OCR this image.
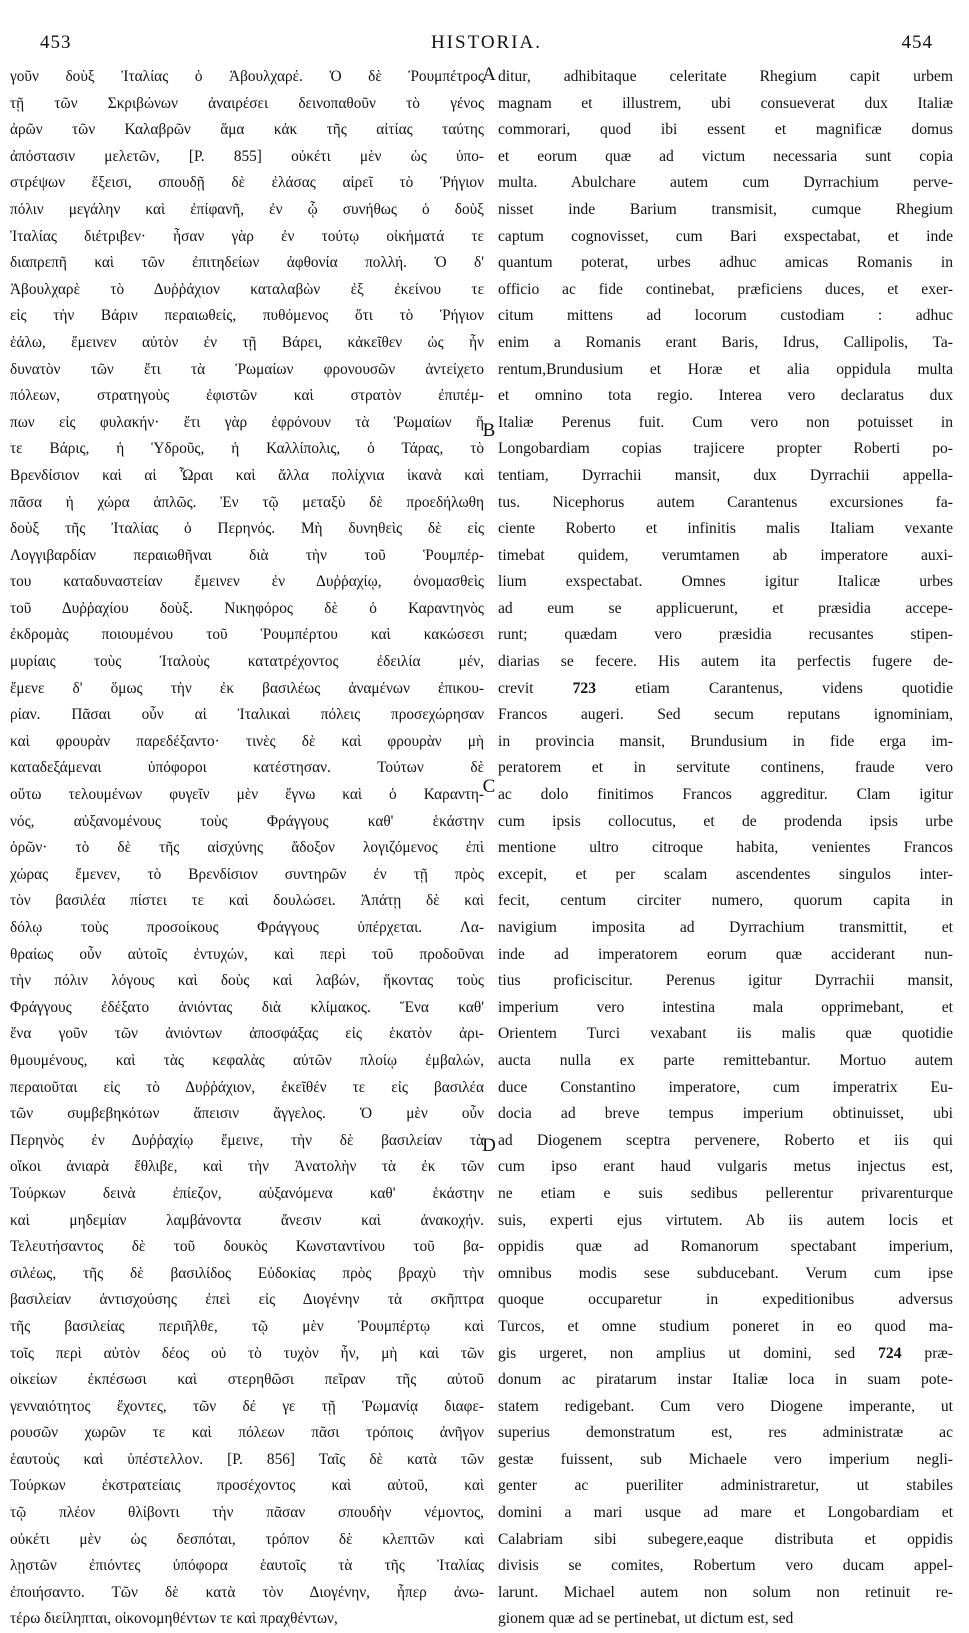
453	HISTORIA.	454
γοῦν δοὺξ Ἰταλίας ὁ Ἀβουλχαρέ. Ὁ δὲ Ῥουμπέτρος
τῇ τῶν Σκριβώνων ἀναιρέσει δεινοπαθοῦν τὸ γένος
ἀρῶν τῶν Καλαβρῶν ἅμα κἀκ τῆς αἰτίας ταύτης
ἀπόστασιν μελετῶν, [P. 855] οὐκέτι μὲν ὡς ὑπο-
στρέψων ἔξεισι, σπουδῇ δὲ ἐλάσας αἱρεῖ τὸ Ῥήγιον
πόλιν μεγάλην καὶ ἐπίφανῆ, ἐν ᾧ συνήθως ὁ δοὺξ
Ἰταλίας διέτριβεν· ἦσαν γὰρ ἐν τούτῳ οἰκήματά τε
διαπρεπῆ καὶ τῶν ἐπιτηδείων ἀφθονία πολλή. Ὁ δ'
Ἀβουλχαρὲ τὸ Δυῤῥάχιον καταλαβὼν ἐξ ἐκείνου τε
εἰς τὴν Βάριν περαιωθείς, πυθόμενος ὅτι τὸ Ῥήγιον
ἑάλω, ἔμεινεν αὐτὸν ἐν τῇ Βάρει, κἀκεῖθεν ὡς ἦν
δυνατὸν τῶν ἔτι τὰ Ῥωμαίων φρονουσῶν ἀντείχετο
πόλεων, στρατηγοὺς ἐφιστῶν καὶ στρατὸν ἐπιπέμ-
πων εἰς φυλακήν· ἔτι γὰρ ἐφρόνουν τὰ Ῥωμαίων ἥ
τε Βάρις, ἡ Ὑδροῦς, ἡ Καλλίπολις, ὁ Τάρας, τὸ
Βρενδίσιον καὶ αἱ Ὧραι καὶ ἄλλα πολίχνια ἱκανὰ καὶ
πᾶσα ἡ χώρα ἁπλῶς. Ἐν τῷ μεταξὺ δὲ προεδήλωθη
δοὺξ τῆς Ἰταλίας ὁ Περηνός. Μὴ δυνηθεὶς δὲ εἰς
Λογγιβαρδίαν περαιωθῆναι διὰ τὴν τοῦ Ῥουμπέρ-
του καταδυναστείαν ἔμεινεν ἐν Δυῤῥαχίῳ, ὀνομασθεὶς
τοῦ Δυῤῥαχίου δοὺξ. Νικηφόρος δὲ ὁ Καραντηνὸς
ἐκδρομὰς ποιουμένου τοῦ Ῥουμπέρτου καὶ κακώσεσι
μυρίαις τοὺς Ἰταλοὺς κατατρέχοντος ἐδειλία μέν,
ἔμενε δ' ὅμως τὴν ἐκ βασιλέως ἀναμένων ἐπικου-
ρίαν. Πᾶσαι οὖν αἱ Ἰταλικαὶ πόλεις προσεχώρησαν
καὶ φρουρὰν παρεδέξαντο· τινὲς δὲ καὶ φρουρὰν μὴ
καταδεξάμεναι ὑπόφοροι κατέστησαν. Τούτων δὲ
οὕτω τελουμένων φυγεῖν μὲν ἔγνω καὶ ὁ Καραντη-
νός, αὐξανομένους τοὺς Φράγγους καθ' ἑκάστην
ὁρῶν· τὸ δὲ τῆς αἰσχύνης ἄδοξον λογιζόμενος ἐπὶ
χώρας ἔμενεν, τὸ Βρενδίσιον συντηρῶν ἐν τῇ πρὸς
τὸν βασιλέα πίστει τε καὶ δουλώσει. Ἀπάτῃ δὲ καὶ
δόλῳ τοὺς προσοίκους Φράγγους ὑπέρχεται. Λα-
θραίως οὖν αὐτοῖς ἐντυχών, καὶ περὶ τοῦ προδοῦναι
τὴν πόλιν λόγους καὶ δοὺς καὶ λαβών, ἥκοντας τοὺς
Φράγγους ἐδέξατο ἀνιόντας διὰ κλίμακος. Ἕνα καθ'
ἕνα γοῦν τῶν ἀνιόντων ἀποσφάξας εἰς ἑκατὸν ἀρι-
θμουμένους, καὶ τὰς κεφαλὰς αὐτῶν πλοίῳ ἐμβαλών,
περαιοῦται εἰς τὸ Δυῤῥάχιον, ἐκεῖθέν τε εἰς βασιλέα
τῶν συμβεβηκότων ἄπεισιν ἄγγελος. Ὁ μὲν οὖν
Περηνὸς ἐν Δυῤῥαχίῳ ἔμεινε, τὴν δὲ βασιλείαν τὰ
οἴκοι ἀνιαρὰ ἔθλιβε, καὶ τὴν Ἀνατολὴν τὰ ἐκ τῶν
Τούρκων δεινὰ ἐπίεζον, αὐξανόμενα καθ' ἑκάστην
καὶ μηδεμίαν λαμβάνοντα ἄνεσιν καὶ ἀνακοχήν.
Τελευτήσαντος δὲ τοῦ δουκὸς Κωνσταντίνου τοῦ βα-
σιλέως, τῆς δὲ βασιλίδος Εὐδοκίας πρὸς βραχὺ τὴν
βασιλείαν ἀντισχούσης ἐπεὶ εἰς Διογένην τὰ σκῆπτρα
τῆς βασιλείας περιῆλθε, τῷ μὲν Ῥουμπέρτῳ καὶ
τοῖς περὶ αὐτὸν δέος οὐ τὸ τυχὸν ἦν, μὴ καὶ τῶν
οἰκείων ἐκπέσωσι καὶ στερηθῶσι πεῖραν τῆς αὐτοῦ
γενναιότητος ἔχοντες, τῶν δέ γε τῇ Ῥωμανίᾳ διαφε-
ρουσῶν χωρῶν τε καὶ πόλεων πᾶσι τρόποις ἀνῆγον
ἑαυτοὺς καὶ ὑπέστελλον. [P. 856] Ταῖς δὲ κατὰ τῶν
Τούρκων ἐκστρατείαις προσέχοντος καὶ αὐτοῦ, καὶ
τῷ πλέον θλίβοντι τὴν πᾶσαν σπουδὴν νέμοντος,
οὐκέτι μὲν ὡς δεσπόται, τρόπον δὲ κλεπτῶν καὶ
λῃστῶν ἐπιόντες ὑπόφορα ἑαυτοῖς τὰ τῆς Ἰταλίας
ἐποιήσαντο. Τῶν δὲ κατὰ τὸν Διογένην, ἧπερ ἀνω-
τέρω διείληπται, οἰκονομηθέντων τε καὶ πραχθέντων,
A
B
C
D
ditur, adhibitaque celeritate Rhegium capit urbem
magnam et illustrem, ubi consueverat dux Italiæ
commorari, quod ibi essent et magnificæ domus
et eorum quæ ad victum necessaria sunt copia
multa. Abulchare autem cum Dyrrachium perve-
nisset inde Barium transmisit, cumque Rhegium
captum cognovisset, cum Bari exspectabat, et inde
quantum poterat, urbes adhuc amicas Romanis in
officio ac fide continebat, præficiens duces, et exer-
citum mittens ad locorum custodiam : adhuc
enim a Romanis erant Baris, Idrus, Callipolis, Ta-
rentum,Brundusium et Horæ et alia oppidula multa
et omnino tota regio. Interea vero declaratus dux
Italiæ Perenus fuit. Cum vero non potuisset in
Longobardiam copias trajicere propter Roberti po-
tentiam, Dyrrachii mansit, dux Dyrrachii appella-
tus. Nicephorus autem Carantenus excursiones fa-
ciente Roberto et infinitis malis Italiam vexante
timebat quidem, verumtamen ab imperatore auxi-
lium exspectabat. Omnes igitur Italicæ urbes
ad eum se applicuerunt, et præsidia accepe-
runt; quædam vero præsidia recusantes stipen-
diarias se fecere. His autem ita perfectis fugere de-
crevit 723 etiam Carantenus, videns quotidie
Francos augeri. Sed secum reputans ignominiam,
in provincia mansit, Brundusium in fide erga im-
peratorem et in servitute continens, fraude vero
ac dolo finitimos Francos aggreditur. Clam igitur
cum ipsis collocutus, et de prodenda ipsis urbe
mentione ultro citroque habita, venientes Francos
excepit, et per scalam ascendentes singulos inter-
fecit, centum circiter numero, quorum capita in
navigium imposita ad Dyrrachium transmittit, et
inde ad imperatorem eorum quæ acciderant nun-
tius proficiscitur. Perenus igitur Dyrrachii mansit,
imperium vero intestina mala opprimebant, et
Orientem Turci vexabant iis malis quæ quotidie
aucta nulla ex parte remittebantur. Mortuo autem
duce Constantino imperatore, cum imperatrix Eu-
docia ad breve tempus imperium obtinuisset, ubi
ad Diogenem sceptra pervenere, Roberto et iis qui
cum ipso erant haud vulgaris metus injectus est,
ne etiam e suis sedibus pellerentur privarenturque
suis, experti ejus virtutem. Ab iis autem locis et
oppidis quæ ad Romanorum spectabant imperium,
omnibus modis sese subducebant. Verum cum ipse
quoque occuparetur in expeditionibus adversus
Turcos, et omne studium poneret in eo quod ma-
gis urgeret, non amplius ut domini, sed 724 præ-
donum ac piratarum instar Italiæ loca in suam pote-
statem redigebant. Cum vero Diogene imperante, ut
superius demonstratum est, res administratæ ac
gestæ fuissent, sub Michaele vero imperium negli-
genter ac pueriliter administraretur, ut stabiles
domini a mari usque ad mare et Longobardiam et
Calabriam sibi subegere,eaque distributa et oppidis
divisis se comites, Robertum vero ducam appel-
larunt. Michael autem non solum non retinuit re-
gionem quæ ad se pertinebat, ut dictum est, sed
